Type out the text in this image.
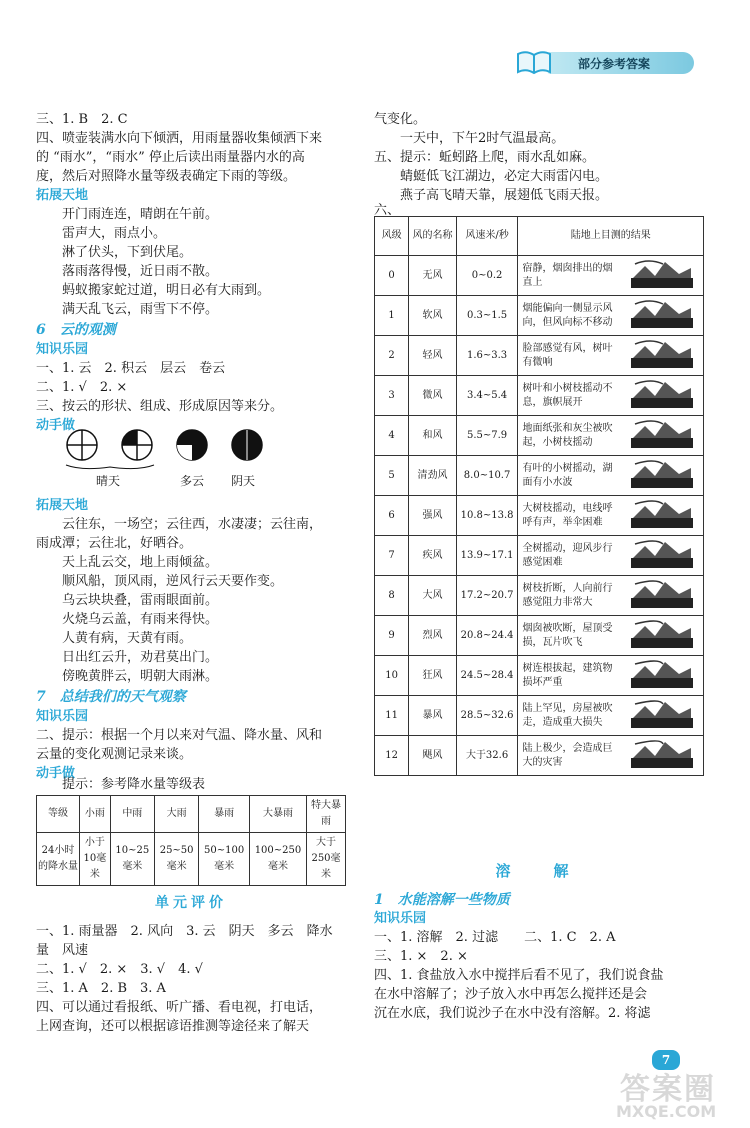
部分参考答案
三、1. B　2. C
四、喷壶装满水向下倾洒，用雨量器收集倾洒下来
的 “雨水”，“雨水” 停止后读出雨量器内水的高
度，然后对照降水量等级表确定下雨的等级。
拓展天地
开门雨连连，晴朗在午前。
雷声大，雨点小。
淋了伏头，下到伏尾。
落雨落得慢，近日雨不散。
蚂蚁搬家蛇过道，明日必有大雨到。
满天乱飞云，雨雪下不停。
6　云的观测
知识乐园
一、1. 云　2. 积云　层云　卷云
二、1. √　2. ×
三、按云的形状、组成、形成原因等来分。
动手做
晴天	多云 阴天
拓展天地
云往东，一场空；云往西，水凄凄；云往南，
雨成潭；云往北，好晒谷。
天上乱云交，地上雨倾盆。
顺风船，顶风雨，逆风行云天要作变。
乌云块块叠，雷雨眼面前。
火烧乌云盖，有雨来得快。
人黄有病，天黄有雨。
日出红云升，劝君莫出门。
傍晚黄胖云，明朝大雨淋。
7　总结我们的天气观察
知识乐园
二、提示：根据一个月以来对气温、降水量、风和
云量的变化观测记录来谈。
动手做
提示：参考降水量等级表
等级	小雨	中雨	大雨	暴雨	大暴雨	特大暴雨
24小时的降水量	小于10毫米	10~25毫米	25~50毫米	50~100毫米	100~250毫米	大于250毫米
单元评价
一、1. 雨量器　2. 风向　3. 云　阴天　多云　降水
量　风速
二、1. √　2. ×　3. √　4. √
三、1. A　2. B　3. A
四、可以通过看报纸、听广播、看电视，打电话，
上网查询，还可以根据谚语推测等途径来了解天
气变化。
一天中，下午2时气温最高。
五、提示：蚯蚓路上爬，雨水乱如麻。
蜻蜓低飞江湖边，必定大雨雷闪电。
燕子高飞晴天靠，展翅低飞雨天报。
六、
风级	风的名称	风速米/秒	陆地上目测的结果	
0	无风	0~0.2	宿静，烟囱排出的烟直上	
1	软风	0.3~1.5	烟能偏向一侧显示风向，但风向标不移动	
2	轻风	1.6~3.3	脸部感觉有风，树叶有微响	
3	微风	3.4~5.4	树叶和小树枝摇动不息，旗帜展开	
4	和风	5.5~7.9	地面纸张和灰尘被吹起，小树枝摇动	
5	清劲风	8.0~10.7	有叶的小树摇动，湖面有小水波	
6	强风	10.8~13.8	大树枝摇动，电线呼呼有声，举伞困难	
7	疾风	13.9~17.1	全树摇动，迎风步行感觉困难	
8	大风	17.2~20.7	树枝折断，人向前行感觉阻力非常大	
9	烈风	20.8~24.4	烟囱被吹断，屋顶受损，瓦片吹飞	
10	狂风	24.5~28.4	树连根拔起，建筑物损坏严重	
11	暴风	28.5~32.6	陆上罕见，房屋被吹走，造成重大损失	
12	飓风	大于32.6	陆上极少，会造成巨大的灾害	
溶　解
1　水能溶解一些物质
知识乐园
一、1. 溶解　2. 过滤　　二、1. C　2. A
三、1. ×　2. ×
四、1. 食盐放入水中搅拌后看不见了，我们说食盐
在水中溶解了；沙子放入水中再怎么搅拌还是会
沉在水底，我们说沙子在水中没有溶解。2. 将滤
7
答案圈
MXQE.COM
